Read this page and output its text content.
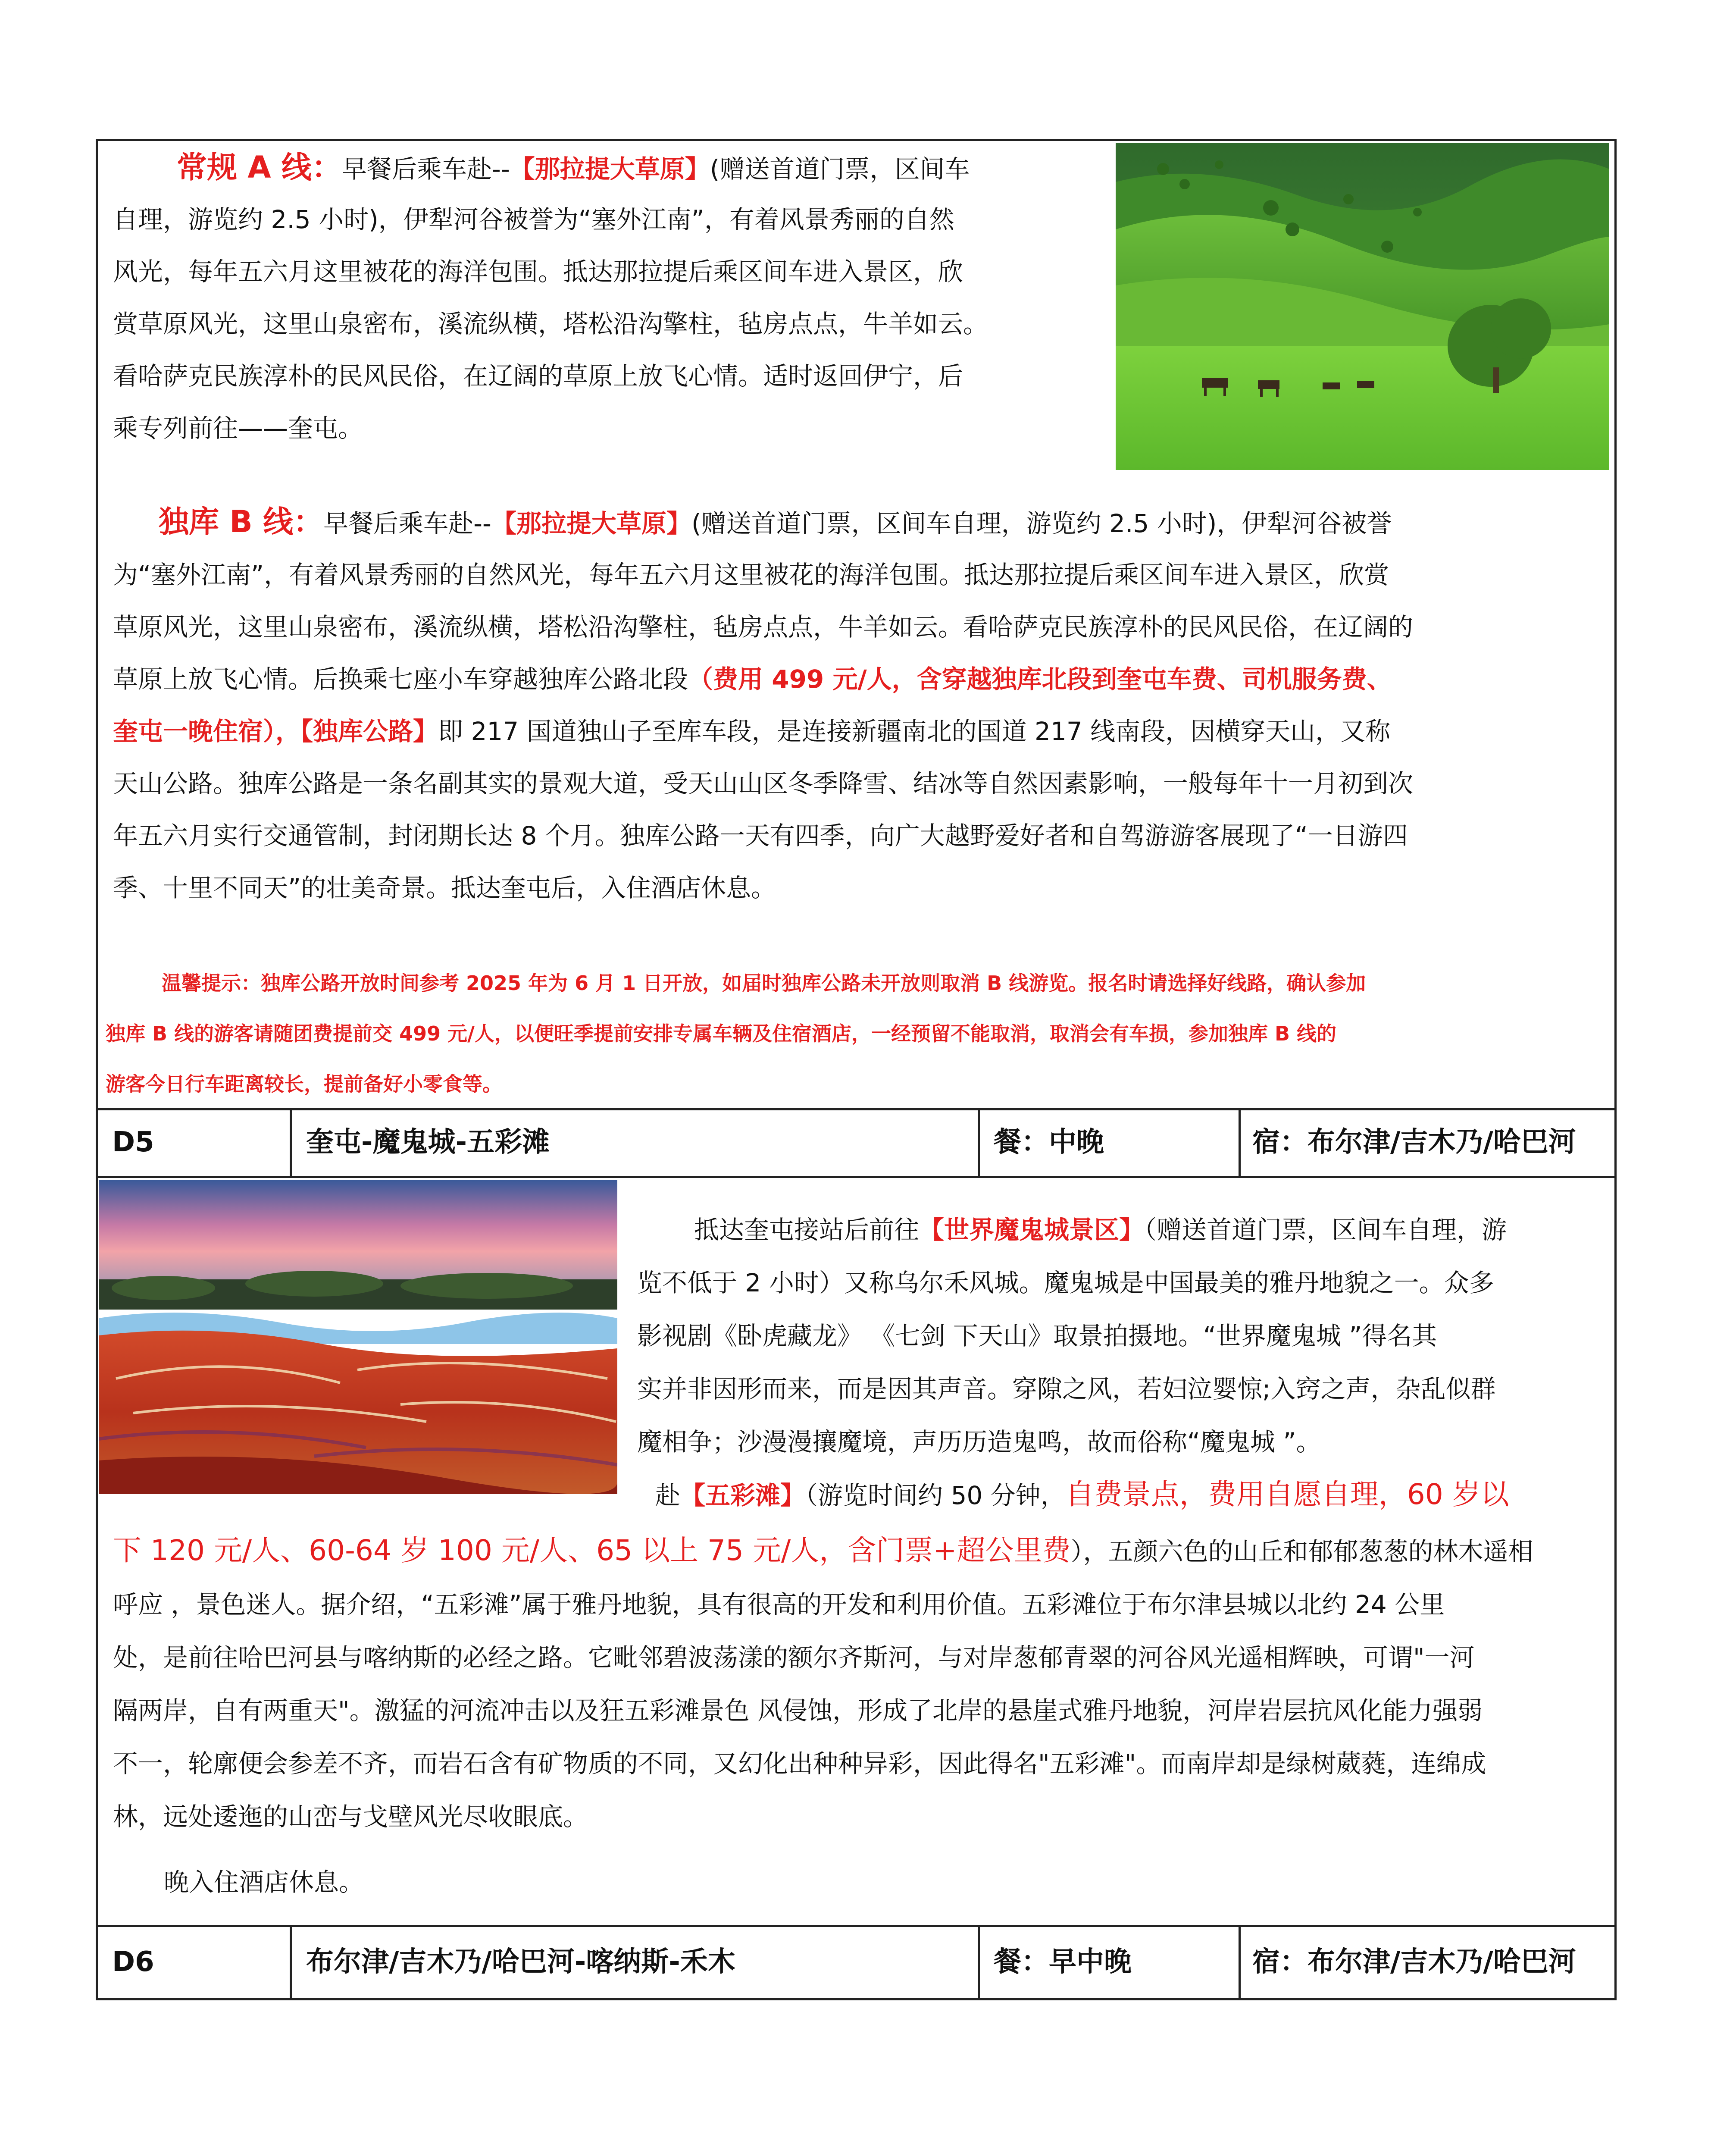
常规 A 线：早餐后乘车赴--【那拉提大草原】(赠送首道门票，区间车

自理，游览约 2.5 小时)，伊犁河谷被誉为“塞外江南”，有着风景秀丽的自然

风光，每年五六月这里被花的海洋包围。抵达那拉提后乘区间车进入景区，欣

赏草原风光，这里山泉密布，溪流纵横，塔松沿沟擎柱，毡房点点，牛羊如云。

看哈萨克民族淳朴的民风民俗，在辽阔的草原上放飞心情。适时返回伊宁，后

乘专列前往——奎屯。

独库 B 线：早餐后乘车赴--【那拉提大草原】(赠送首道门票，区间车自理，游览约 2.5 小时)，伊犁河谷被誉

为“塞外江南”，有着风景秀丽的自然风光，每年五六月这里被花的海洋包围。抵达那拉提后乘区间车进入景区，欣赏

草原风光，这里山泉密布，溪流纵横，塔松沿沟擎柱，毡房点点，牛羊如云。看哈萨克民族淳朴的民风民俗，在辽阔的

草原上放飞心情。后换乘七座小车穿越独库公路北段（费用 499 元/人，含穿越独库北段到奎屯车费、司机服务费、

奎屯一晚住宿），【独库公路】即 217 国道独山子至库车段，是连接新疆南北的国道 217 线南段，因横穿天山，又称

天山公路。独库公路是一条名副其实的景观大道，受天山山区冬季降雪、结冰等自然因素影响，一般每年十一月初到次

年五六月实行交通管制，封闭期长达 8 个月。独库公路一天有四季，向广大越野爱好者和自驾游游客展现了“一日游四

季、十里不同天”的壮美奇景。抵达奎屯后，入住酒店休息。

温馨提示：独库公路开放时间参考 2025 年为 6 月 1 日开放，如届时独库公路未开放则取消 B 线游览。报名时请选择好线路，确认参加

独库 B 线的游客请随团费提前交 499 元/人，以便旺季提前安排专属车辆及住宿酒店，一经预留不能取消，取消会有车损，参加独库 B 线的

游客今日行车距离较长，提前备好小零食等。

D5	奎屯-魔鬼城-五彩滩	餐：中晚	宿：布尔津/吉木乃/哈巴河

抵达奎屯接站后前往【世界魔鬼城景区】（赠送首道门票，区间车自理，游

览不低于 2 小时）又称乌尔禾风城。魔鬼城是中国最美的雅丹地貌之一。众多

影视剧《卧虎藏龙》 《七剑 下天山》取景拍摄地。“世界魔鬼城 ”得名其

实并非因形而来，而是因其声音。穿隙之风，若妇泣婴惊;入窍之声，杂乱似群

魔相争；沙漫漫攘魔境，声历历造鬼鸣，故而俗称“魔鬼城 ”。

赴【五彩滩】（游览时间约 50 分钟，自费景点，费用自愿自理，60 岁以

下 120 元/人、60-64 岁 100 元/人、65 以上 75 元/人，含门票+超公里费），五颜六色的山丘和郁郁葱葱的林木遥相

呼应 ，景色迷人。据介绍，“五彩滩”属于雅丹地貌，具有很高的开发和利用价值。五彩滩位于布尔津县城以北约 24 公里

处，是前往哈巴河县与喀纳斯的必经之路。它毗邻碧波荡漾的额尔齐斯河，与对岸葱郁青翠的河谷风光遥相辉映，可谓"一河

隔两岸，自有两重天"。激猛的河流冲击以及狂五彩滩景色 风侵蚀，形成了北岸的悬崖式雅丹地貌，河岸岩层抗风化能力强弱

不一，轮廓便会参差不齐，而岩石含有矿物质的不同，又幻化出种种异彩，因此得名"五彩滩"。而南岸却是绿树葳蕤，连绵成

林，远处逶迤的山峦与戈壁风光尽收眼底。

晚入住酒店休息。

D6	布尔津/吉木乃/哈巴河-喀纳斯-禾木	餐：早中晚	宿：布尔津/吉木乃/哈巴河
